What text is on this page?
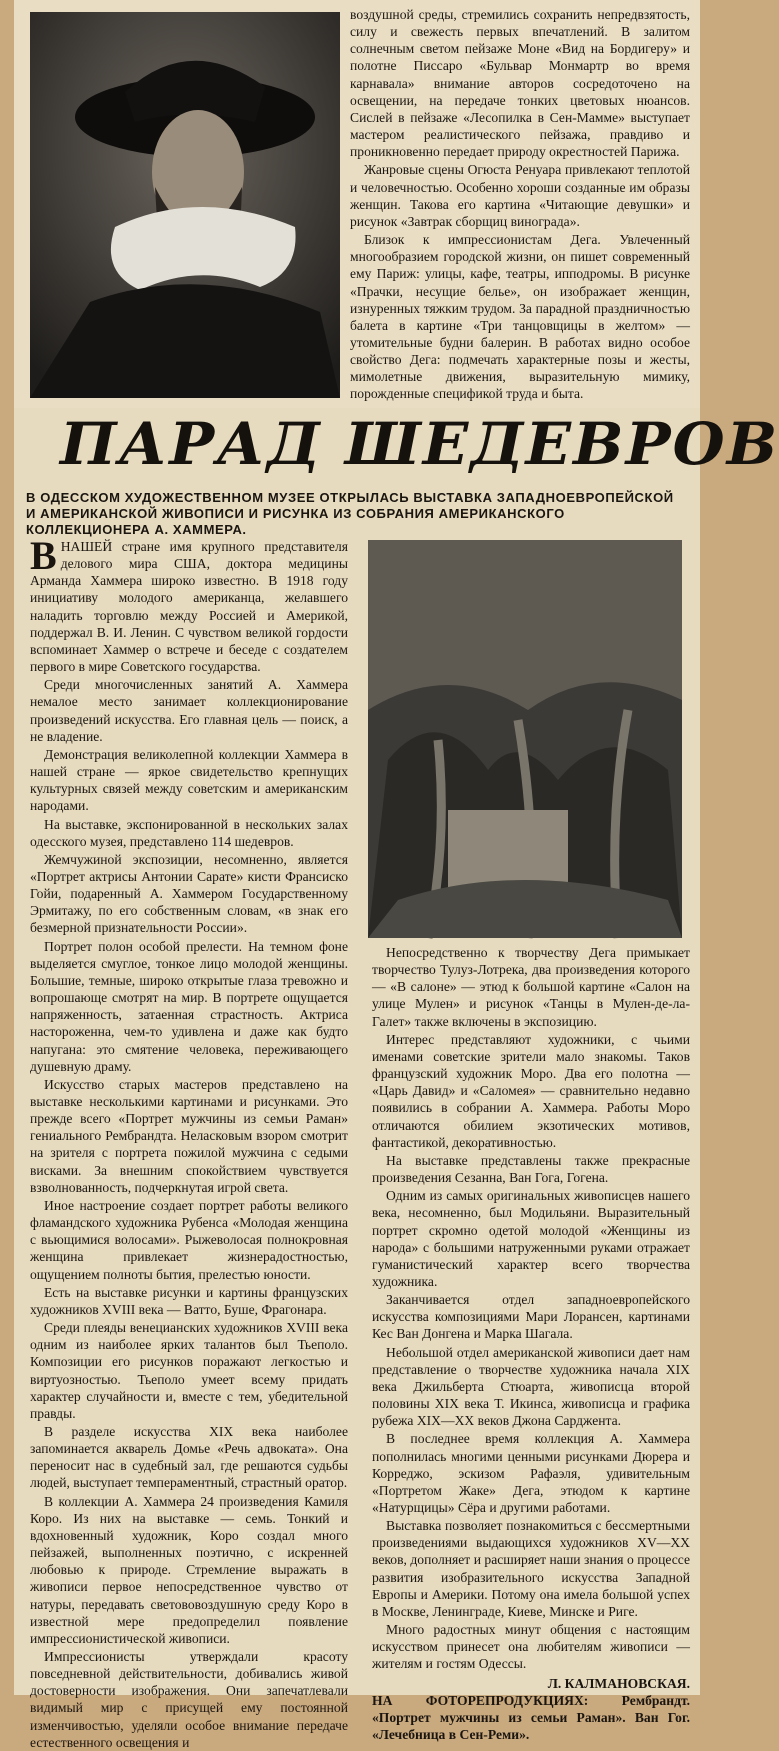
воздушной среды, стремились сохранить непредвзятость, силу и свежесть первых впечатлений. В залитом солнечным светом пейзаже Моне «Вид на Бордигеру» и полотне Писсаро «Бульвар Монмартр во время карнавала» внимание авторов сосредоточено на освещении, на передаче тонких цветовых нюансов. Сислей в пейзаже «Лесопилка в Сен-Мамме» выступает мастером реалистического пейзажа, правдиво и проникновенно передает природу окрестностей Парижа.

Жанровые сцены Огюста Ренуара привлекают теплотой и человечностью. Особенно хороши созданные им образы женщин. Такова его картина «Читающие девушки» и рисунок «Завтрак сборщиц винограда».

Близок к импрессионистам Дега. Увлеченный многообразием городской жизни, он пишет современный ему Париж: улицы, кафе, театры, ипподромы. В рисунке «Прачки, несущие белье», он изображает женщин, изнуренных тяжким трудом. За парадной праздничностью балета в картине «Три танцовщицы в желтом» — утомительные будни балерин. В работах видно особое свойство Дега: подмечать характерные позы и жесты, мимолетные движения, выразительную мимику, порожденные спецификой труда и быта.

ПАРАД ШЕДЕВРОВ
В ОДЕССКОМ ХУДОЖЕСТВЕННОМ МУЗЕЕ ОТКРЫЛАСЬ ВЫСТАВКА ЗАПАДНОЕВРОПЕЙСКОЙ И АМЕРИКАНСКОЙ ЖИВОПИСИ И РИСУНКА ИЗ СОБРАНИЯ АМЕРИКАНСКОГО КОЛЛЕКЦИОНЕРА А. ХАММЕРА.

ВНАШЕЙ стране имя крупного представителя делового мира США, доктора медицины Арманда Хаммера широко известно. В 1918 году инициативу молодого американца, желавшего наладить торговлю между Россией и Америкой, поддержал В. И. Ленин. С чувством великой гордости вспоминает Хаммер о встрече и беседе с создателем первого в мире Советского государства.

Среди многочисленных занятий А. Хаммера немалое место занимает коллекционирование произведений искусства. Его главная цель — поиск, а не владение.

Демонстрация великолепной коллекции Хаммера в нашей стране — яркое свидетельство крепнущих культурных связей между советским и американским народами.

На выставке, экспонированной в нескольких залах одесского музея, представлено 114 шедевров.

Жемчужиной экспозиции, несомненно, является «Портрет актрисы Антонии Сарате» кисти Франсиско Гойи, подаренный А. Хаммером Государственному Эрмитажу, по его собственным словам, «в знак его безмерной признательности России».

Портрет полон особой прелести. На темном фоне выделяется смуглое, тонкое лицо молодой женщины. Большие, темные, широко открытые глаза тревожно и вопрошающе смотрят на мир. В портрете ощущается напряженность, затаенная страстность. Актриса настороженна, чем-то удивлена и даже как будто напугана: это смятение человека, переживающего душевную драму.

Искусство старых мастеров представлено на выставке несколькими картинами и рисунками. Это прежде всего «Портрет мужчины из семьи Раман» гениального Рембрандта. Неласковым взором смотрит на зрителя с портрета пожилой мужчина с седыми висками. За внешним спокойствием чувствуется взволнованность, подчеркнутая игрой света.

Иное настроение создает портрет работы великого фламандского художника Рубенса «Молодая женщина с вьющимися волосами». Рыжеволосая полнокровная женщина привлекает жизнерадостностью, ощущением полноты бытия, прелестью юности.

Есть на выставке рисунки и картины французских художников XVIII века — Ватто, Буше, Фрагонара.

Среди плеяды венецианских художников XVIII века одним из наиболее ярких талантов был Тьеполо. Композиции его рисунков поражают легкостью и виртуозностью. Тьеполо умеет всему придать характер случайности и, вместе с тем, убедительной правды.

В разделе искусства XIX века наиболее запоминается акварель Домье «Речь адвоката». Она переносит нас в судебный зал, где решаются судьбы людей, выступает темпераментный, страстный оратор.

В коллекции А. Хаммера 24 произведения Камиля Коро. Из них на выставке — семь. Тонкий и вдохновенный художник, Коро создал много пейзажей, выполненных поэтично, с искренней любовью к природе. Стремление выражать в живописи первое непосредственное чувство от натуры, передавать светововоздушную среду Коро в известной мере предопределил появление импрессионистической живописи.

Импрессионисты утверждали красоту повседневной действительности, добивались живой достоверности изображения. Они запечатлевали видимый мир с присущей ему постоянной изменчивостью, уделяли особое внимание передаче естественного освещения и

Непосредственно к творчеству Дега примыкает творчество Тулуз-Лотрека, два произведения которого — «В салоне» — этюд к большой картине «Салон на улице Мулен» и рисунок «Танцы в Мулен-де-ла-Галет» также включены в экспозицию.

Интерес представляют художники, с чьими именами советские зрители мало знакомы. Таков французский художник Моро. Два его полотна — «Царь Давид» и «Саломея» — сравнительно недавно появились в собрании А. Хаммера. Работы Моро отличаются обилием экзотических мотивов, фантастикой, декоративностью.

На выставке представлены также прекрасные произведения Сезанна, Ван Гога, Гогена.

Одним из самых оригинальных живописцев нашего века, несомненно, был Модильяни. Выразительный портрет скромно одетой молодой «Женщины из народа» с большими натруженными руками отражает гуманистический характер всего творчества художника.

Заканчивается отдел западноевропейского искусства композициями Мари Лорансен, картинами Кес Ван Донгена и Марка Шагала.

Небольшой отдел американской живописи дает нам представление о творчестве художника начала XIX века Джильберта Стюарта, живописца второй половины XIX века Т. Икинса, живописца и графика рубежа XIX—XX веков Джона Сарджента.

В последнее время коллекция А. Хаммера пополнилась многими ценными рисунками Дюрера и Корреджо, эскизом Рафаэля, удивительным «Портретом Жаке» Дега, этюдом к картине «Натурщицы» Сёра и другими работами.

Выставка позволяет познакомиться с бессмертными произведениями выдающихся художников XV—XX веков, дополняет и расширяет наши знания о процессе развития изобразительного искусства Западной Европы и Америки. Потому она имела большой успех в Москве, Ленинграде, Киеве, Минске и Риге.

Много радостных минут общения с настоящим искусством принесет она любителям живописи — жителям и гостям Одессы.

Л. КАЛМАНОВСКАЯ.

НА ФОТОРЕПРОДУКЦИЯХ: Рембрандт. «Портрет мужчины из семьи Раман». Ван Гог. «Лечебница в Сен-Реми».
